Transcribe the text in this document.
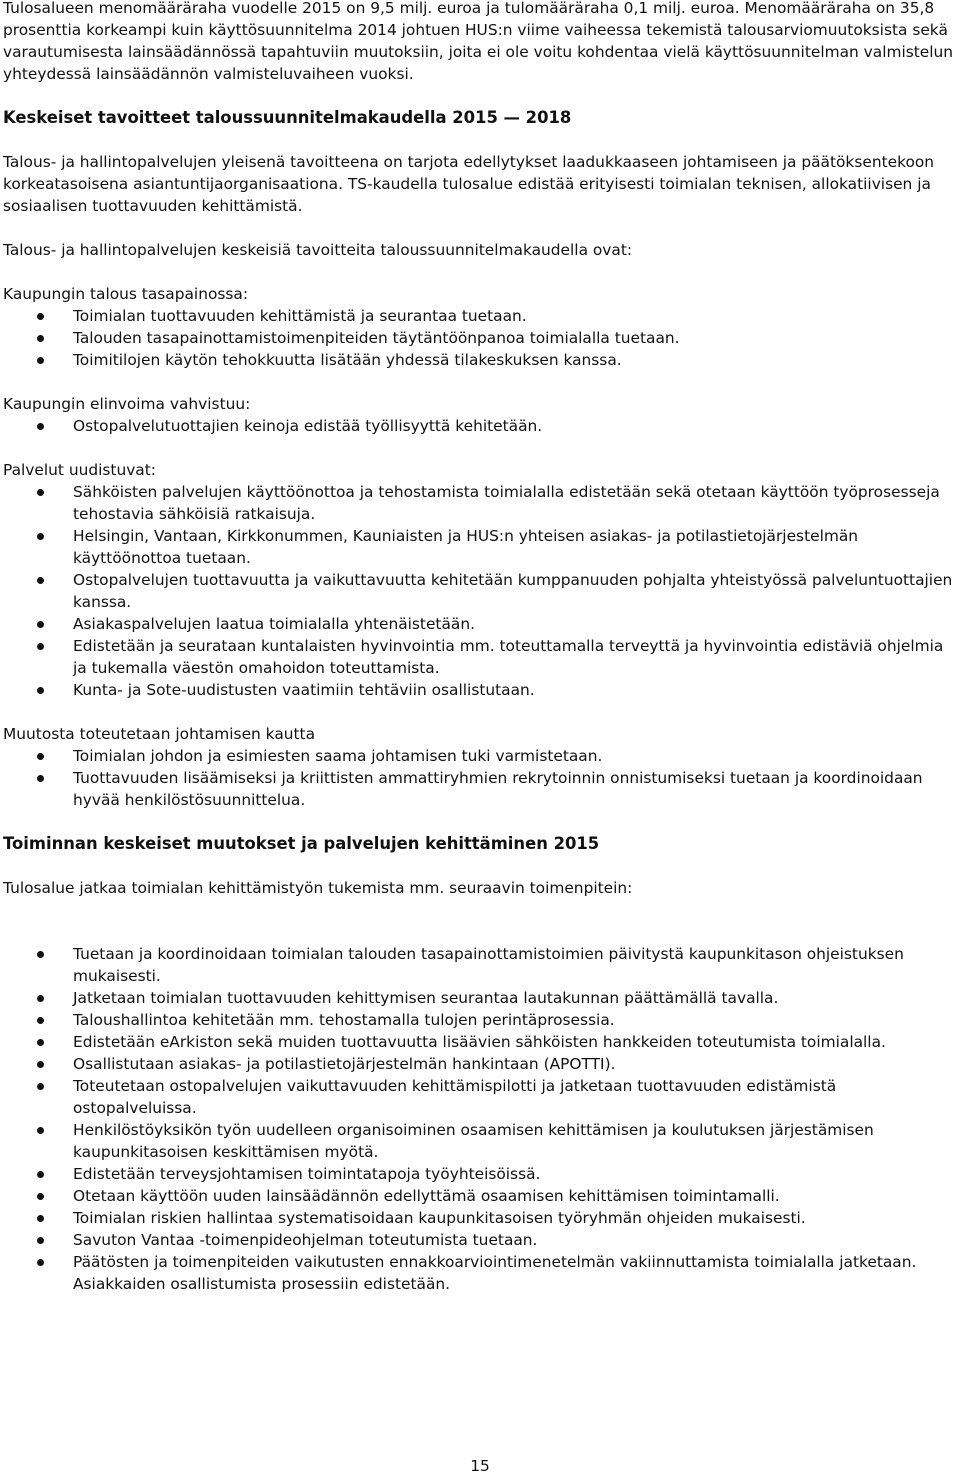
Tulosalueen menomääräraha vuodelle 2015 on 9,5 milj. euroa ja tulomääräraha 0,1 milj. euroa. Menomääräraha on 35,8 prosenttia korkeampi kuin käyttösuunnitelma 2014 johtuen HUS:n viime vaiheessa tekemistä talousarviomuutoksista sekä varautumisesta lainsäädännössä tapahtuviin muutoksiin, joita ei ole voitu kohdentaa vielä käyttösuunnitelman valmistelun yhteydessä lainsäädännön valmisteluvaiheen vuoksi.

Keskeiset tavoitteet taloussuunnitelmakaudella 2015 — 2018

Talous- ja hallintopalvelujen yleisenä tavoitteena on tarjota edellytykset laadukkaaseen johtamiseen ja päätöksentekoon korkeatasoisena asiantuntijaorganisaationa. TS-kaudella tulosalue edistää erityisesti toimialan teknisen, allokatiivisen ja sosiaalisen tuottavuuden kehittämistä.

Talous- ja hallintopalvelujen keskeisiä tavoitteita taloussuunnitelmakaudella ovat:

Kaupungin talous tasapainossa:

Toimialan tuottavuuden kehittämistä ja seurantaa tuetaan.
Talouden tasapainottamistoimenpiteiden täytäntöönpanoa toimialalla tuetaan.
Toimitilojen käytön tehokkuutta lisätään yhdessä tilakeskuksen kanssa.

Kaupungin elinvoima vahvistuu:

Ostopalvelutuottajien keinoja edistää työllisyyttä kehitetään.

Palvelut uudistuvat:

Sähköisten palvelujen käyttöönottoa ja tehostamista toimialalla edistetään sekä otetaan käyttöön työprosesseja tehostavia sähköisiä ratkaisuja.
Helsingin, Vantaan, Kirkkonummen, Kauniaisten ja HUS:n yhteisen asiakas- ja potilastietojärjestelmän käyttöönottoa tuetaan.
Ostopalvelujen tuottavuutta ja vaikuttavuutta kehitetään kumppanuuden pohjalta yhteistyössä palveluntuottajien kanssa.
Asiakaspalvelujen laatua toimialalla yhtenäistetään.
Edistetään ja seurataan kuntalaisten hyvinvointia mm. toteuttamalla terveyttä ja hyvinvointia edistäviä ohjelmia ja tukemalla väestön omahoidon toteuttamista.
Kunta- ja Sote-uudistusten vaatimiin tehtäviin osallistutaan.

Muutosta toteutetaan johtamisen kautta

Toimialan johdon ja esimiesten saama johtamisen tuki varmistetaan.
Tuottavuuden lisäämiseksi ja kriittisten ammattiryhmien rekrytoinnin onnistumiseksi tuetaan ja koordinoidaan hyvää henkilöstösuunnittelua.
Toiminnan keskeiset muutokset ja palvelujen kehittäminen 2015

Tulosalue jatkaa toimialan kehittämistyön tukemista mm. seuraavin toimenpitein:

Tuetaan ja koordinoidaan toimialan talouden tasapainottamistoimien päivitystä kaupunkitason ohjeistuksen mukaisesti.
Jatketaan toimialan tuottavuuden kehittymisen seurantaa lautakunnan päättämällä tavalla.
Taloushallintoa kehitetään mm. tehostamalla tulojen perintäprosessia.
Edistetään eArkiston sekä muiden tuottavuutta lisäävien sähköisten hankkeiden toteutumista toimialalla.
Osallistutaan asiakas- ja potilastietojärjestelmän hankintaan (APOTTI).
Toteutetaan ostopalvelujen vaikuttavuuden kehittämispilotti ja jatketaan tuottavuuden edistämistä ostopalveluissa.
Henkilöstöyksikön työn uudelleen organisoiminen osaamisen kehittämisen ja koulutuksen järjestämisen kaupunkitasoisen keskittämisen myötä.
Edistetään terveysjohtamisen toimintatapoja työyhteisöissä.
Otetaan käyttöön uuden lainsäädännön edellyttämä osaamisen kehittämisen toimintamalli.
Toimialan riskien hallintaa systematisoidaan kaupunkitasoisen työryhmän ohjeiden mukaisesti.
Savuton Vantaa -toimenpideohjelman toteutumista tuetaan.
Päätösten ja toimenpiteiden vaikutusten ennakkoarviointimenetelmän vakiinnuttamista toimialalla jatketaan. Asiakkaiden osallistumista prosessiin edistetään.
15
